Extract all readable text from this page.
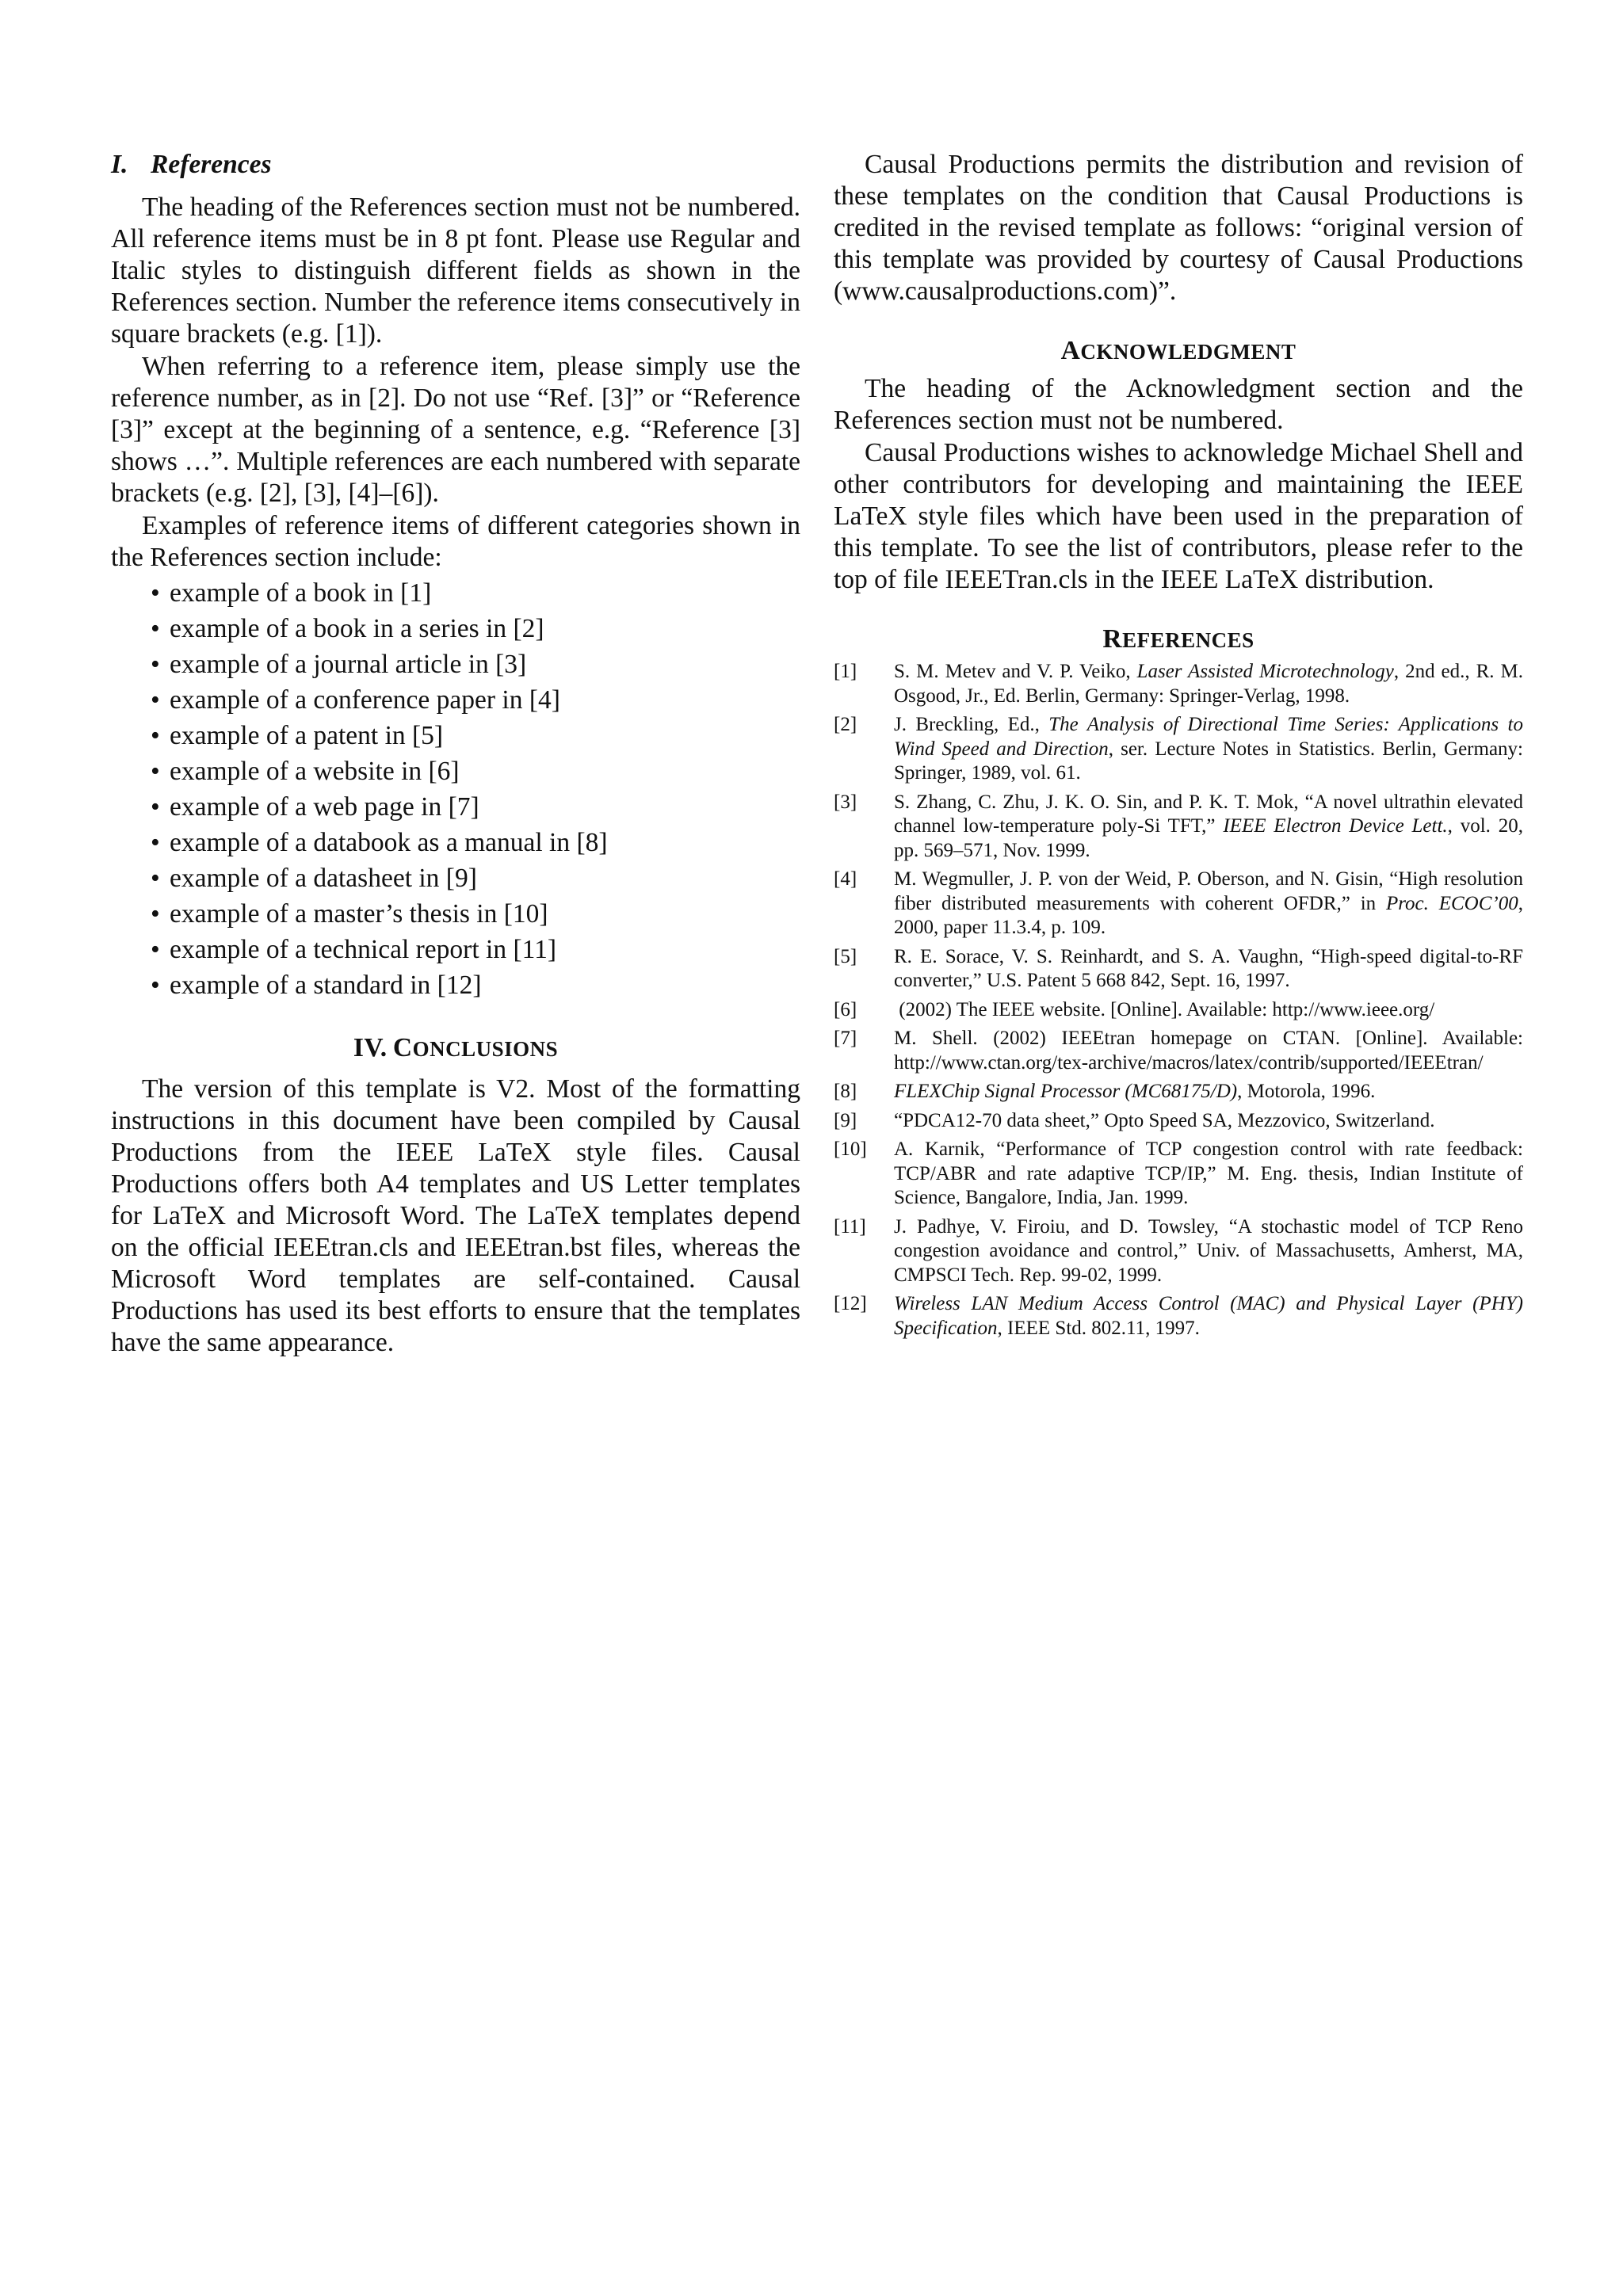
I. References

The heading of the References section must not be numbered. All reference items must be in 8 pt font. Please use Regular and Italic styles to distinguish different fields as shown in the References section. Number the reference items consecutively in square brackets (e.g. [1]).

When referring to a reference item, please simply use the reference number, as in [2]. Do not use “Ref. [3]” or “Reference [3]” except at the beginning of a sentence, e.g. “Reference [3] shows …”. Multiple references are each numbered with separate brackets (e.g. [2], [3], [4]–[6]).

Examples of reference items of different categories shown in the References section include:

• example of a book in [1]
• example of a book in a series in [2]
• example of a journal article in [3]
• example of a conference paper in [4]
• example of a patent in [5]
• example of a website in [6]
• example of a web page in [7]
• example of a databook as a manual in [8]
• example of a datasheet in [9]
• example of a master’s thesis in [10]
• example of a technical report in [11]
• example of a standard in [12]
IV. CONCLUSIONS

The version of this template is V2. Most of the formatting instructions in this document have been compiled by Causal Productions from the IEEE LaTeX style files. Causal Productions offers both A4 templates and US Letter templates for LaTeX and Microsoft Word. The LaTeX templates depend on the official IEEEtran.cls and IEEEtran.bst files, whereas the Microsoft Word templates are self-contained. Causal Productions has used its best efforts to ensure that the templates have the same appearance.

Causal Productions permits the distribution and revision of these templates on the condition that Causal Productions is credited in the revised template as follows: “original version of this template was provided by courtesy of Causal Productions (www.causalproductions.com)”.

ACKNOWLEDGMENT

The heading of the Acknowledgment section and the References section must not be numbered.

Causal Productions wishes to acknowledge Michael Shell and other contributors for developing and maintaining the IEEE LaTeX style files which have been used in the preparation of this template. To see the list of contributors, please refer to the top of file IEEETran.cls in the IEEE LaTeX distribution.

REFERENCES
[1] S. M. Metev and V. P. Veiko, Laser Assisted Microtechnology, 2nd ed., R. M. Osgood, Jr., Ed. Berlin, Germany: Springer-Verlag, 1998.
[2] J. Breckling, Ed., The Analysis of Directional Time Series: Applications to Wind Speed and Direction, ser. Lecture Notes in Statistics. Berlin, Germany: Springer, 1989, vol. 61.
[3] S. Zhang, C. Zhu, J. K. O. Sin, and P. K. T. Mok, “A novel ultrathin elevated channel low-temperature poly-Si TFT,” IEEE Electron Device Lett., vol. 20, pp. 569–571, Nov. 1999.
[4] M. Wegmuller, J. P. von der Weid, P. Oberson, and N. Gisin, “High resolution fiber distributed measurements with coherent OFDR,” in Proc. ECOC’00, 2000, paper 11.3.4, p. 109.
[5] R. E. Sorace, V. S. Reinhardt, and S. A. Vaughn, “High-speed digital-to-RF converter,” U.S. Patent 5 668 842, Sept. 16, 1997.
[6] (2002) The IEEE website. [Online]. Available: http://www.ieee.org/
[7] M. Shell. (2002) IEEEtran homepage on CTAN. [Online]. Available: http://www.ctan.org/tex-archive/macros/latex/contrib/supported/IEEEtran/
[8] FLEXChip Signal Processor (MC68175/D), Motorola, 1996.
[9] “PDCA12-70 data sheet,” Opto Speed SA, Mezzovico, Switzerland.
[10] A. Karnik, “Performance of TCP congestion control with rate feedback: TCP/ABR and rate adaptive TCP/IP,” M. Eng. thesis, Indian Institute of Science, Bangalore, India, Jan. 1999.
[11] J. Padhye, V. Firoiu, and D. Towsley, “A stochastic model of TCP Reno congestion avoidance and control,” Univ. of Massachusetts, Amherst, MA, CMPSCI Tech. Rep. 99-02, 1999.
[12] Wireless LAN Medium Access Control (MAC) and Physical Layer (PHY) Specification, IEEE Std. 802.11, 1997.
